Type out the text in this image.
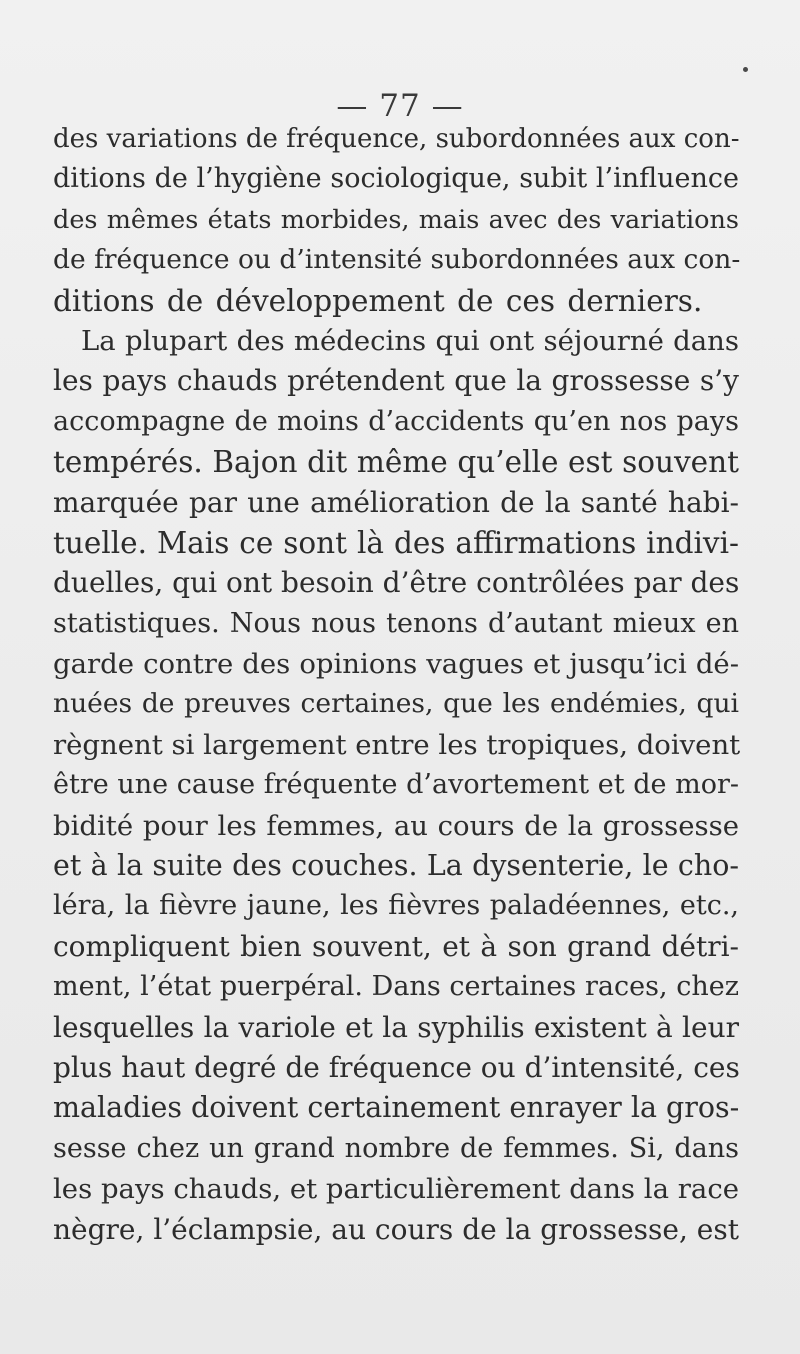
— 77 —
des variations de fréquence, subordonnées aux con-
ditions de l’hygiène sociologique, subit l’influence
des mêmes états morbides, mais avec des variations
de fréquence ou d’intensité subordonnées aux con-
ditions de développement de ces derniers.
La plupart des médecins qui ont séjourné dans
les pays chauds prétendent que la grossesse s’y
accompagne de moins d’accidents qu’en nos pays
tempérés. Bajon dit même qu’elle est souvent
marquée par une amélioration de la santé habi-
tuelle. Mais ce sont là des affirmations indivi-
duelles, qui ont besoin d’être contrôlées par des
statistiques. Nous nous tenons d’autant mieux en
garde contre des opinions vagues et jusqu’ici dé-
nuées de preuves certaines, que les endémies, qui
règnent si largement entre les tropiques, doivent
être une cause fréquente d’avortement et de mor-
bidité pour les femmes, au cours de la grossesse
et à la suite des couches. La dysenterie, le cho-
léra, la fièvre jaune, les fièvres paladéennes, etc.,
compliquent bien souvent, et à son grand détri-
ment, l’état puerpéral. Dans certaines races, chez
lesquelles la variole et la syphilis existent à leur
plus haut degré de fréquence ou d’intensité, ces
maladies doivent certainement enrayer la gros-
sesse chez un grand nombre de femmes. Si, dans
les pays chauds, et particulièrement dans la race
nègre, l’éclampsie, au cours de la grossesse, est
